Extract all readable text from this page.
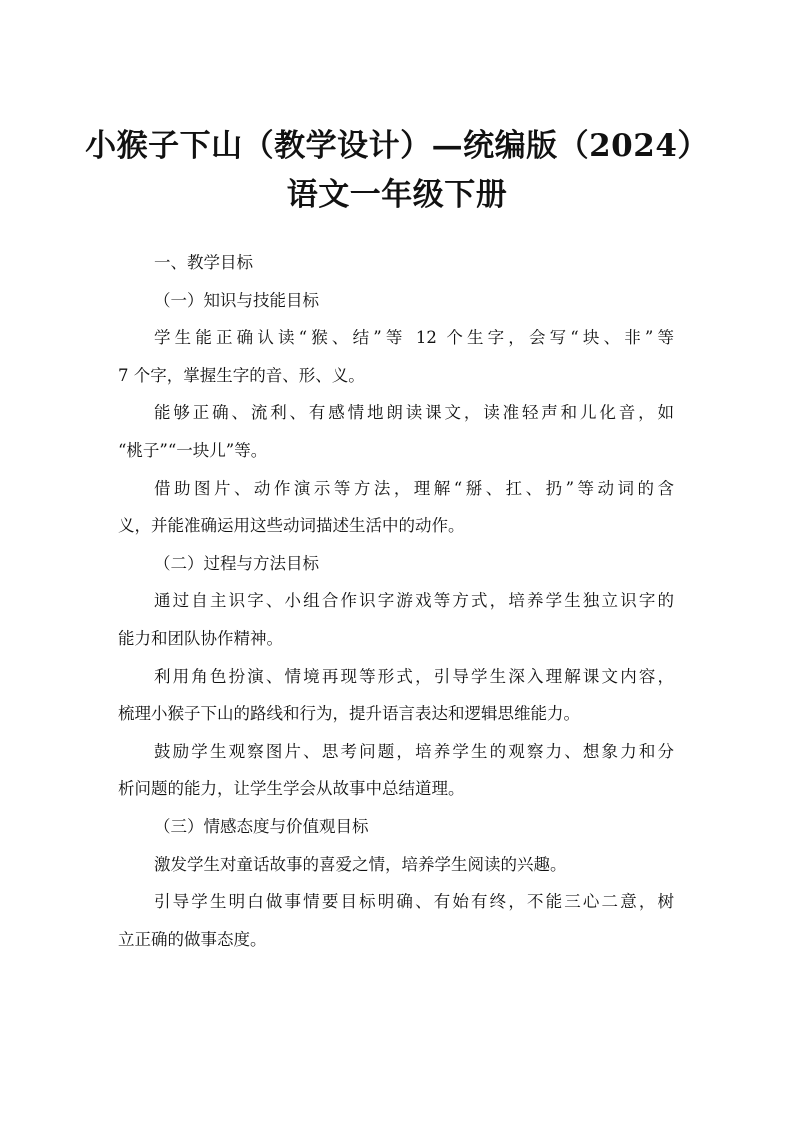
小猴子下山（教学设计）—统编版（2024）
语文一年级下册
一、教学目标
（一）知识与技能目标
学生能正确认读“猴、结”等 12 个生字，会写“块、非”等
7 个字，掌握生字的音、形、义。
能够正确、流利、有感情地朗读课文，读准轻声和儿化音，如
“桃子”“一块儿”等。
借助图片、动作演示等方法，理解“掰、扛、扔”等动词的含
义，并能准确运用这些动词描述生活中的动作。
（二）过程与方法目标
通过自主识字、小组合作识字游戏等方式，培养学生独立识字的
能力和团队协作精神。
利用角色扮演、情境再现等形式，引导学生深入理解课文内容，
梳理小猴子下山的路线和行为，提升语言表达和逻辑思维能力。
鼓励学生观察图片、思考问题，培养学生的观察力、想象力和分
析问题的能力，让学生学会从故事中总结道理。
（三）情感态度与价值观目标
激发学生对童话故事的喜爱之情，培养学生阅读的兴趣。
引导学生明白做事情要目标明确、有始有终，不能三心二意，树
立正确的做事态度。
